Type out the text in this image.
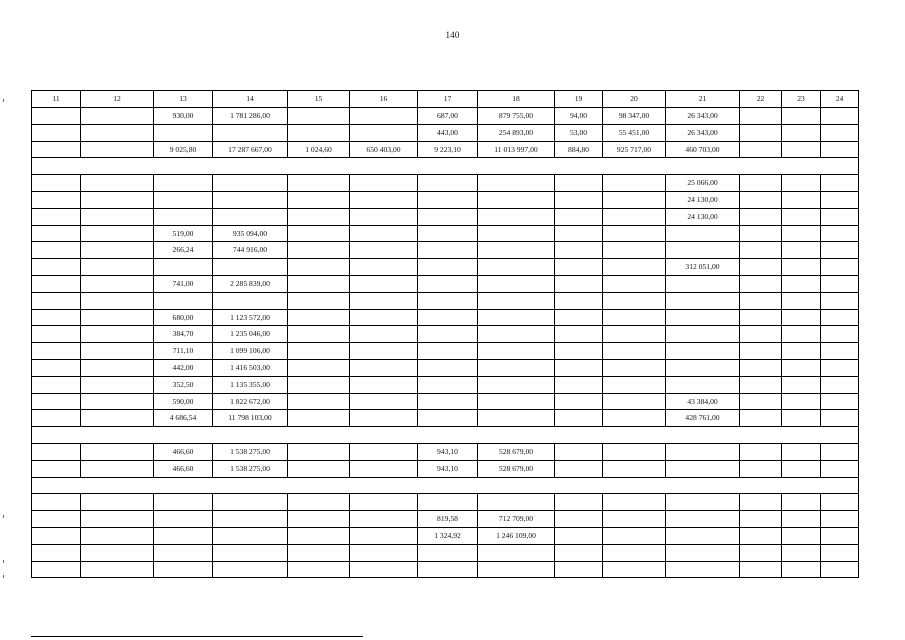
140
11	12	13	14	15	16	17	18	19	20	21	22	23	24
		930,00	1 781 286,00			687,00	879 755,00	94,00	98 347,00	26 343,00			
						443,00	254 893,00	53,00	55 451,00	26 343,00			
		9 025,80	17 287 667,00	1 024,60	650 403,00	9 223,10	11 013 997,00	884,80	925 717,00	460 703,00			

										25 066,00			
										24 130,00			
										24 130,00			
		519,00	935 094,00										
		266,24	744 916,00										
										312 051,00			
		741,00	2 285 839,00										

		680,00	1 123 572,00										
		384,70	1 235 046,00										
		711,10	1 099 106,00										
		442,00	1 416 503,00										
		352,50	1 135 355,00										
		590,00	1 822 672,00							43 384,00			
		4 686,54	11 798 103,00							428 761,00			

		466,60	1 538 275,00			943,10	528 679,00						
		466,60	1 538 275,00			943,10	528 679,00						

						819,58	712 709,00						
						1 324,92	1 246 109,00						
